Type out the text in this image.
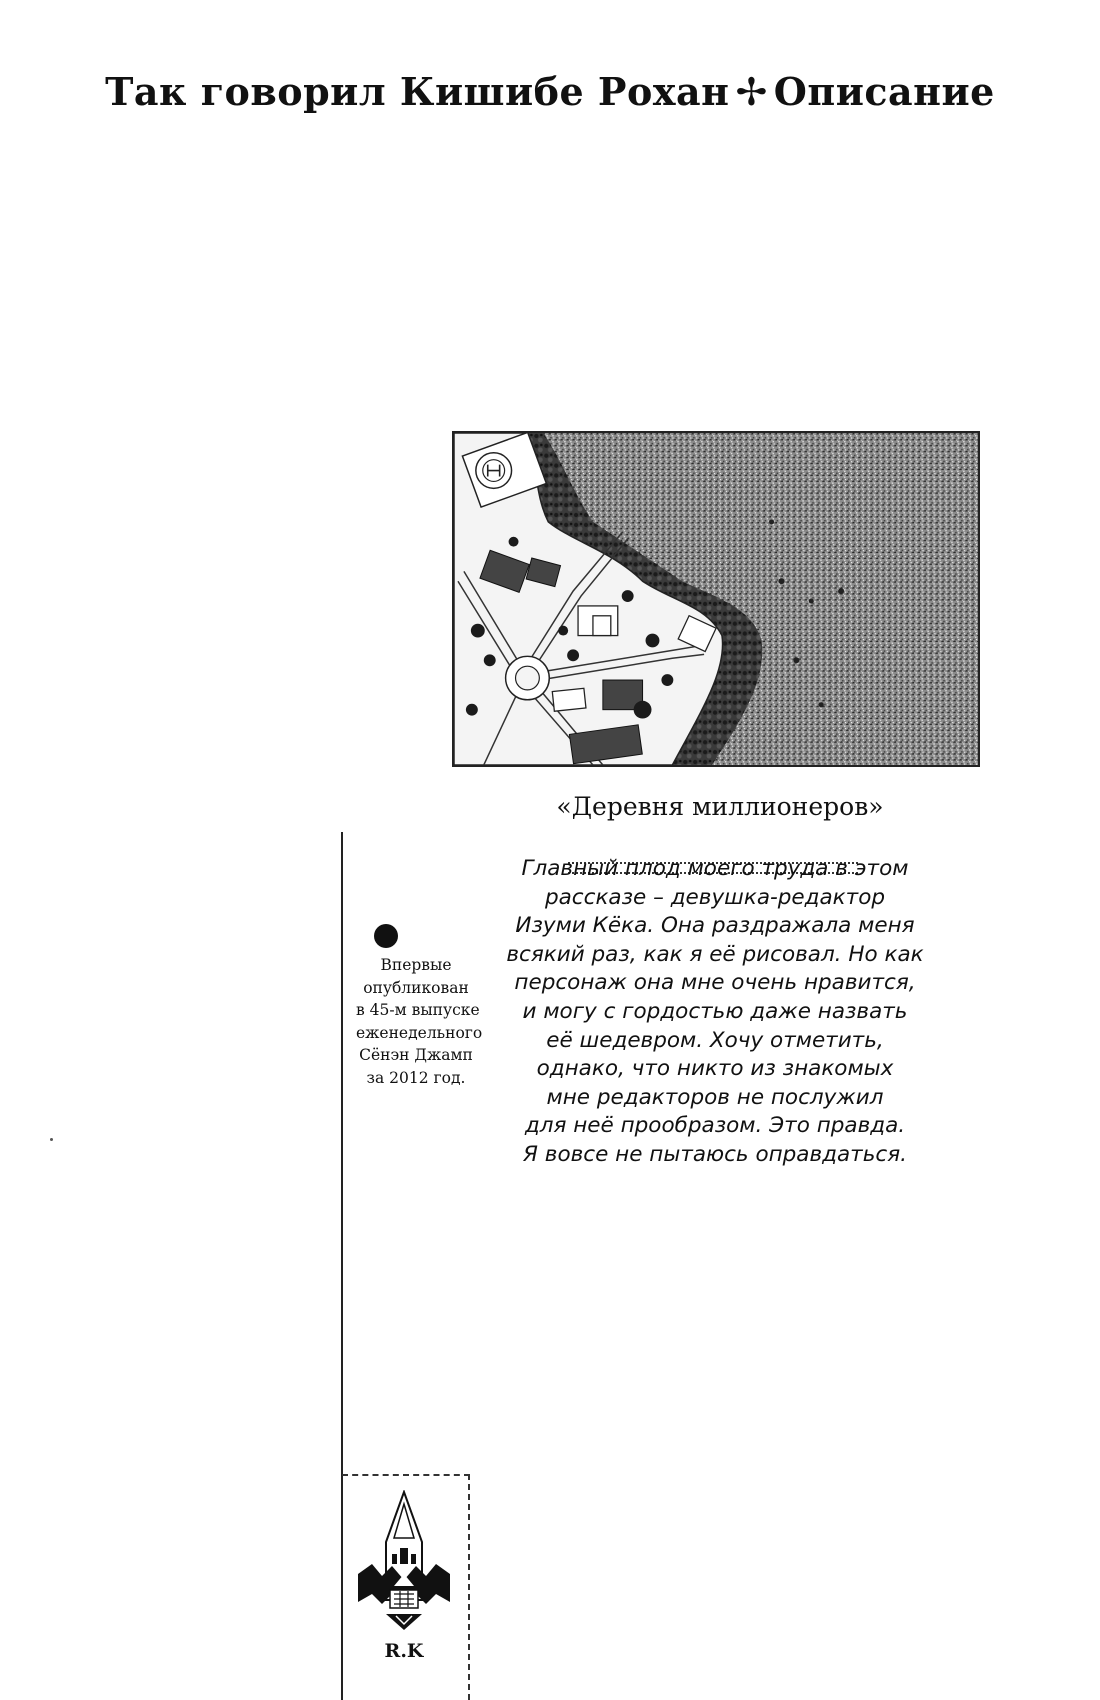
Так говорил Кишибе Рохан ✢ Описание
«Деревня миллионеров»
Главный плод моего труда в этом
рассказе – девушка-редактор
Изуми Кёка. Она раздражала меня
всякий раз, как я её рисовал. Но как
персонаж она мне очень нравится,
и могу с гордостью даже назвать
её шедевром. Хочу отметить,
однако, что никто из знакомых
мне редакторов не послужил
для неё прообразом. Это правда.
Я вовсе не пытаюсь оправдаться.
Впервые
опубликован
в 45-м выпуске
еженедельного
Сёнэн Джамп
за 2012 год.
R.K
